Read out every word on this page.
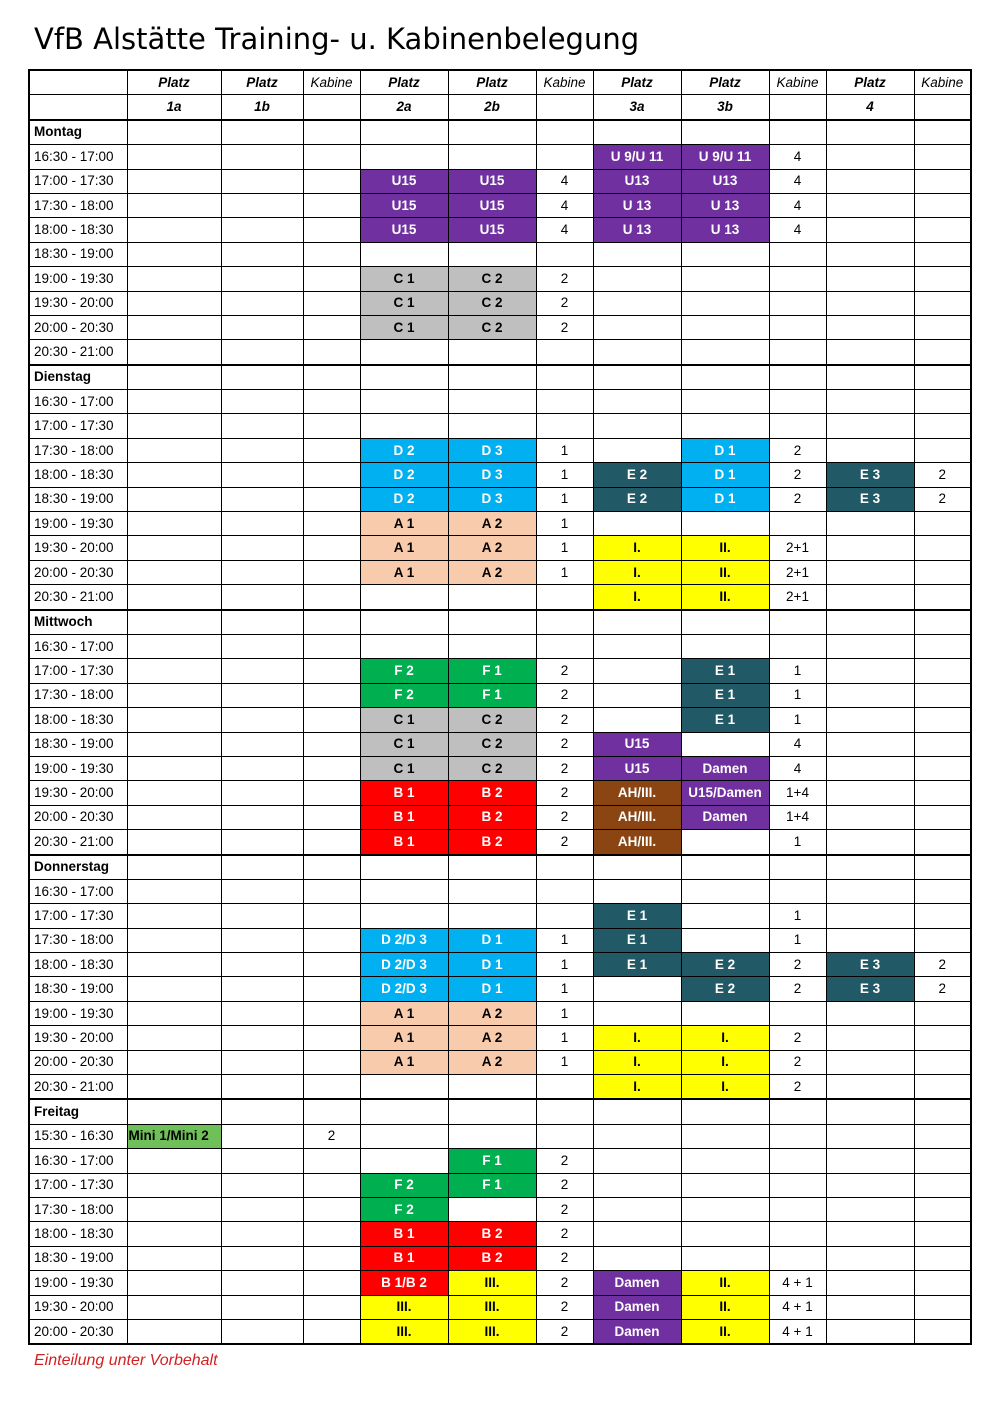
VfB Alstätte Training- u. Kabinenbelegung
	Platz	Platz	Kabine	Platz	Platz	Kabine	Platz	Platz	Kabine	Platz	Kabine
	1a	1b		2a	2b		3a	3b		4	
Montag											
16:30 - 17:00							U 9/U 11	U 9/U 11	4		
17:00 - 17:30				U15	U15	4	U13	U13	4		
17:30 - 18:00				U15	U15	4	U 13	U 13	4		
18:00 - 18:30				U15	U15	4	U 13	U 13	4		
18:30 - 19:00											
19:00 - 19:30				C 1	C 2	2					
19:30 - 20:00				C 1	C 2	2					
20:00 - 20:30				C 1	C 2	2					
20:30 - 21:00											
Dienstag											
16:30 - 17:00											
17:00 - 17:30											
17:30 - 18:00				D 2	D 3	1		D 1	2		
18:00 - 18:30				D 2	D 3	1	E 2	D 1	2	E 3	2
18:30 - 19:00				D 2	D 3	1	E 2	D 1	2	E 3	2
19:00 - 19:30				A 1	A 2	1					
19:30 - 20:00				A 1	A 2	1	I.	II.	2+1		
20:00 - 20:30				A 1	A 2	1	I.	II.	2+1		
20:30 - 21:00							I.	II.	2+1		
Mittwoch											
16:30 - 17:00											
17:00 - 17:30				F 2	F 1	2		E 1	1		
17:30 - 18:00				F 2	F 1	2		E 1	1		
18:00 - 18:30				C 1	C 2	2		E 1	1		
18:30 - 19:00				C 1	C 2	2	U15		4		
19:00 - 19:30				C 1	C 2	2	U15	Damen	4		
19:30 - 20:00				B 1	B 2	2	AH/III.	U15/Damen	1+4		
20:00 - 20:30				B 1	B 2	2	AH/III.	Damen	1+4		
20:30 - 21:00				B 1	B 2	2	AH/III.		1		
Donnerstag											
16:30 - 17:00											
17:00 - 17:30							E 1		1		
17:30 - 18:00				D 2/D 3	D 1	1	E 1		1		
18:00 - 18:30				D 2/D 3	D 1	1	E 1	E 2	2	E 3	2
18:30 - 19:00				D 2/D 3	D 1	1		E 2	2	E 3	2
19:00 - 19:30				A 1	A 2	1					
19:30 - 20:00				A 1	A 2	1	I.	I.	2		
20:00 - 20:30				A 1	A 2	1	I.	I.	2		
20:30 - 21:00							I.	I.	2		
Freitag											
15:30 - 16:30	Mini 1/Mini 2		2								
16:30 - 17:00					F 1	2					
17:00 - 17:30				F 2	F 1	2					
17:30 - 18:00				F 2		2					
18:00 - 18:30				B 1	B 2	2					
18:30 - 19:00				B 1	B 2	2					
19:00 - 19:30				B 1/B 2	III.	2	Damen	II.	4 + 1		
19:30 - 20:00				III.	III.	2	Damen	II.	4 + 1		
20:00 - 20:30				III.	III.	2	Damen	II.	4 + 1		
Einteilung unter Vorbehalt
